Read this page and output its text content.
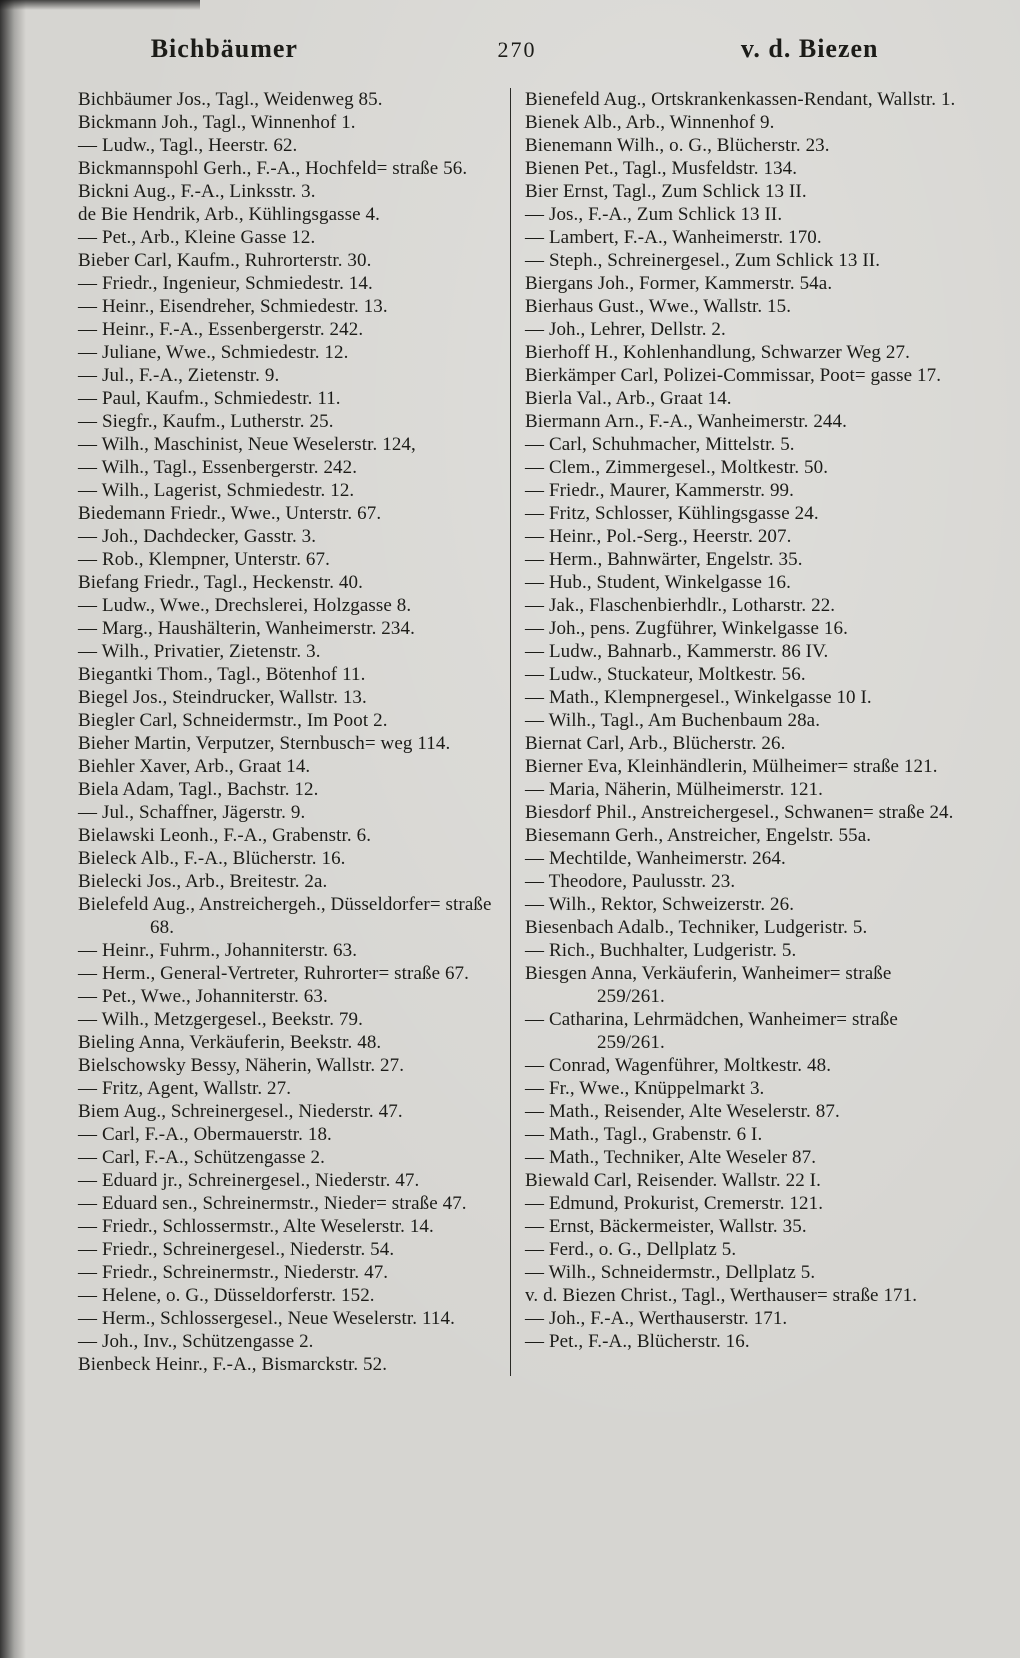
Bichbäumer	270	v. d. Biezen
Bichbäumer Jos., Tagl., Weidenweg 85.
Bickmann Joh., Tagl., Winnenhof 1.
— Ludw., Tagl., Heerstr. 62.
Bickmannspohl Gerh., F.-A., Hochfeld= straße 56.
Bickni Aug., F.-A., Linksstr. 3.
de Bie Hendrik, Arb., Kühlingsgasse 4.
— Pet., Arb., Kleine Gasse 12.
Bieber Carl, Kaufm., Ruhrorterstr. 30.
— Friedr., Ingenieur, Schmiedestr. 14.
— Heinr., Eisendreher, Schmiedestr. 13.
— Heinr., F.-A., Essenbergerstr. 242.
— Juliane, Wwe., Schmiedestr. 12.
— Jul., F.-A., Zietenstr. 9.
— Paul, Kaufm., Schmiedestr. 11.
— Siegfr., Kaufm., Lutherstr. 25.
— Wilh., Maschinist, Neue Weselerstr. 124,
— Wilh., Tagl., Essenbergerstr. 242.
— Wilh., Lagerist, Schmiedestr. 12.
Biedemann Friedr., Wwe., Unterstr. 67.
— Joh., Dachdecker, Gasstr. 3.
— Rob., Klempner, Unterstr. 67.
Biefang Friedr., Tagl., Heckenstr. 40.
— Ludw., Wwe., Drechslerei, Holzgasse 8.
— Marg., Haushälterin, Wanheimerstr. 234.
— Wilh., Privatier, Zietenstr. 3.
Biegantki Thom., Tagl., Bötenhof 11.
Biegel Jos., Steindrucker, Wallstr. 13.
Biegler Carl, Schneidermstr., Im Poot 2.
Bieher Martin, Verputzer, Sternbusch= weg 114.
Biehler Xaver, Arb., Graat 14.
Biela Adam, Tagl., Bachstr. 12.
— Jul., Schaffner, Jägerstr. 9.
Bielawski Leonh., F.-A., Grabenstr. 6.
Bieleck Alb., F.-A., Blücherstr. 16.
Bielecki Jos., Arb., Breitestr. 2a.
Bielefeld Aug., Anstreichergeh., Düsseldorfer= straße 68.
— Heinr., Fuhrm., Johanniterstr. 63.
— Herm., General-Vertreter, Ruhrorter= straße 67.
— Pet., Wwe., Johanniterstr. 63.
— Wilh., Metzgergesel., Beekstr. 79.
Bieling Anna, Verkäuferin, Beekstr. 48.
Bielschowsky Bessy, Näherin, Wallstr. 27.
— Fritz, Agent, Wallstr. 27.
Biem Aug., Schreinergesel., Niederstr. 47.
— Carl, F.-A., Obermauerstr. 18.
— Carl, F.-A., Schützengasse 2.
— Eduard jr., Schreinergesel., Niederstr. 47.
— Eduard sen., Schreinermstr., Nieder= straße 47.
— Friedr., Schlossermstr., Alte Weselerstr. 14.
— Friedr., Schreinergesel., Niederstr. 54.
— Friedr., Schreinermstr., Niederstr. 47.
— Helene, o. G., Düsseldorferstr. 152.
— Herm., Schlossergesel., Neue Weselerstr. 114.
— Joh., Inv., Schützengasse 2.
Bienbeck Heinr., F.-A., Bismarckstr. 52.
Bienefeld Aug., Ortskrankenkassen-Rendant, Wallstr. 1.
Bienek Alb., Arb., Winnenhof 9.
Bienemann Wilh., o. G., Blücherstr. 23.
Bienen Pet., Tagl., Musfeldstr. 134.
Bier Ernst, Tagl., Zum Schlick 13 II.
— Jos., F.-A., Zum Schlick 13 II.
— Lambert, F.-A., Wanheimerstr. 170.
— Steph., Schreinergesel., Zum Schlick 13 II.
Biergans Joh., Former, Kammerstr. 54a.
Bierhaus Gust., Wwe., Wallstr. 15.
— Joh., Lehrer, Dellstr. 2.
Bierhoff H., Kohlenhandlung, Schwarzer Weg 27.
Bierkämper Carl, Polizei-Commissar, Poot= gasse 17.
Bierla Val., Arb., Graat 14.
Biermann Arn., F.-A., Wanheimerstr. 244.
— Carl, Schuhmacher, Mittelstr. 5.
— Clem., Zimmergesel., Moltkestr. 50.
— Friedr., Maurer, Kammerstr. 99.
— Fritz, Schlosser, Kühlingsgasse 24.
— Heinr., Pol.-Serg., Heerstr. 207.
— Herm., Bahnwärter, Engelstr. 35.
— Hub., Student, Winkelgasse 16.
— Jak., Flaschenbierhdlr., Lotharstr. 22.
— Joh., pens. Zugführer, Winkelgasse 16.
— Ludw., Bahnarb., Kammerstr. 86 IV.
— Ludw., Stuckateur, Moltkestr. 56.
— Math., Klempnergesel., Winkelgasse 10 I.
— Wilh., Tagl., Am Buchenbaum 28a.
Biernat Carl, Arb., Blücherstr. 26.
Bierner Eva, Kleinhändlerin, Mülheimer= straße 121.
— Maria, Näherin, Mülheimerstr. 121.
Biesdorf Phil., Anstreichergesel., Schwanen= straße 24.
Biesemann Gerh., Anstreicher, Engelstr. 55a.
— Mechtilde, Wanheimerstr. 264.
— Theodore, Paulusstr. 23.
— Wilh., Rektor, Schweizerstr. 26.
Biesenbach Adalb., Techniker, Ludgeristr. 5.
— Rich., Buchhalter, Ludgeristr. 5.
Biesgen Anna, Verkäuferin, Wanheimer= straße 259/261.
— Catharina, Lehrmädchen, Wanheimer= straße 259/261.
— Conrad, Wagenführer, Moltkestr. 48.
— Fr., Wwe., Knüppelmarkt 3.
— Math., Reisender, Alte Weselerstr. 87.
— Math., Tagl., Grabenstr. 6 I.
— Math., Techniker, Alte Weseler 87.
Biewald Carl, Reisender. Wallstr. 22 I.
— Edmund, Prokurist, Cremerstr. 121.
— Ernst, Bäckermeister, Wallstr. 35.
— Ferd., o. G., Dellplatz 5.
— Wilh., Schneidermstr., Dellplatz 5.
v. d. Biezen Christ., Tagl., Werthauser= straße 171.
— Joh., F.-A., Werthauserstr. 171.
— Pet., F.-A., Blücherstr. 16.
